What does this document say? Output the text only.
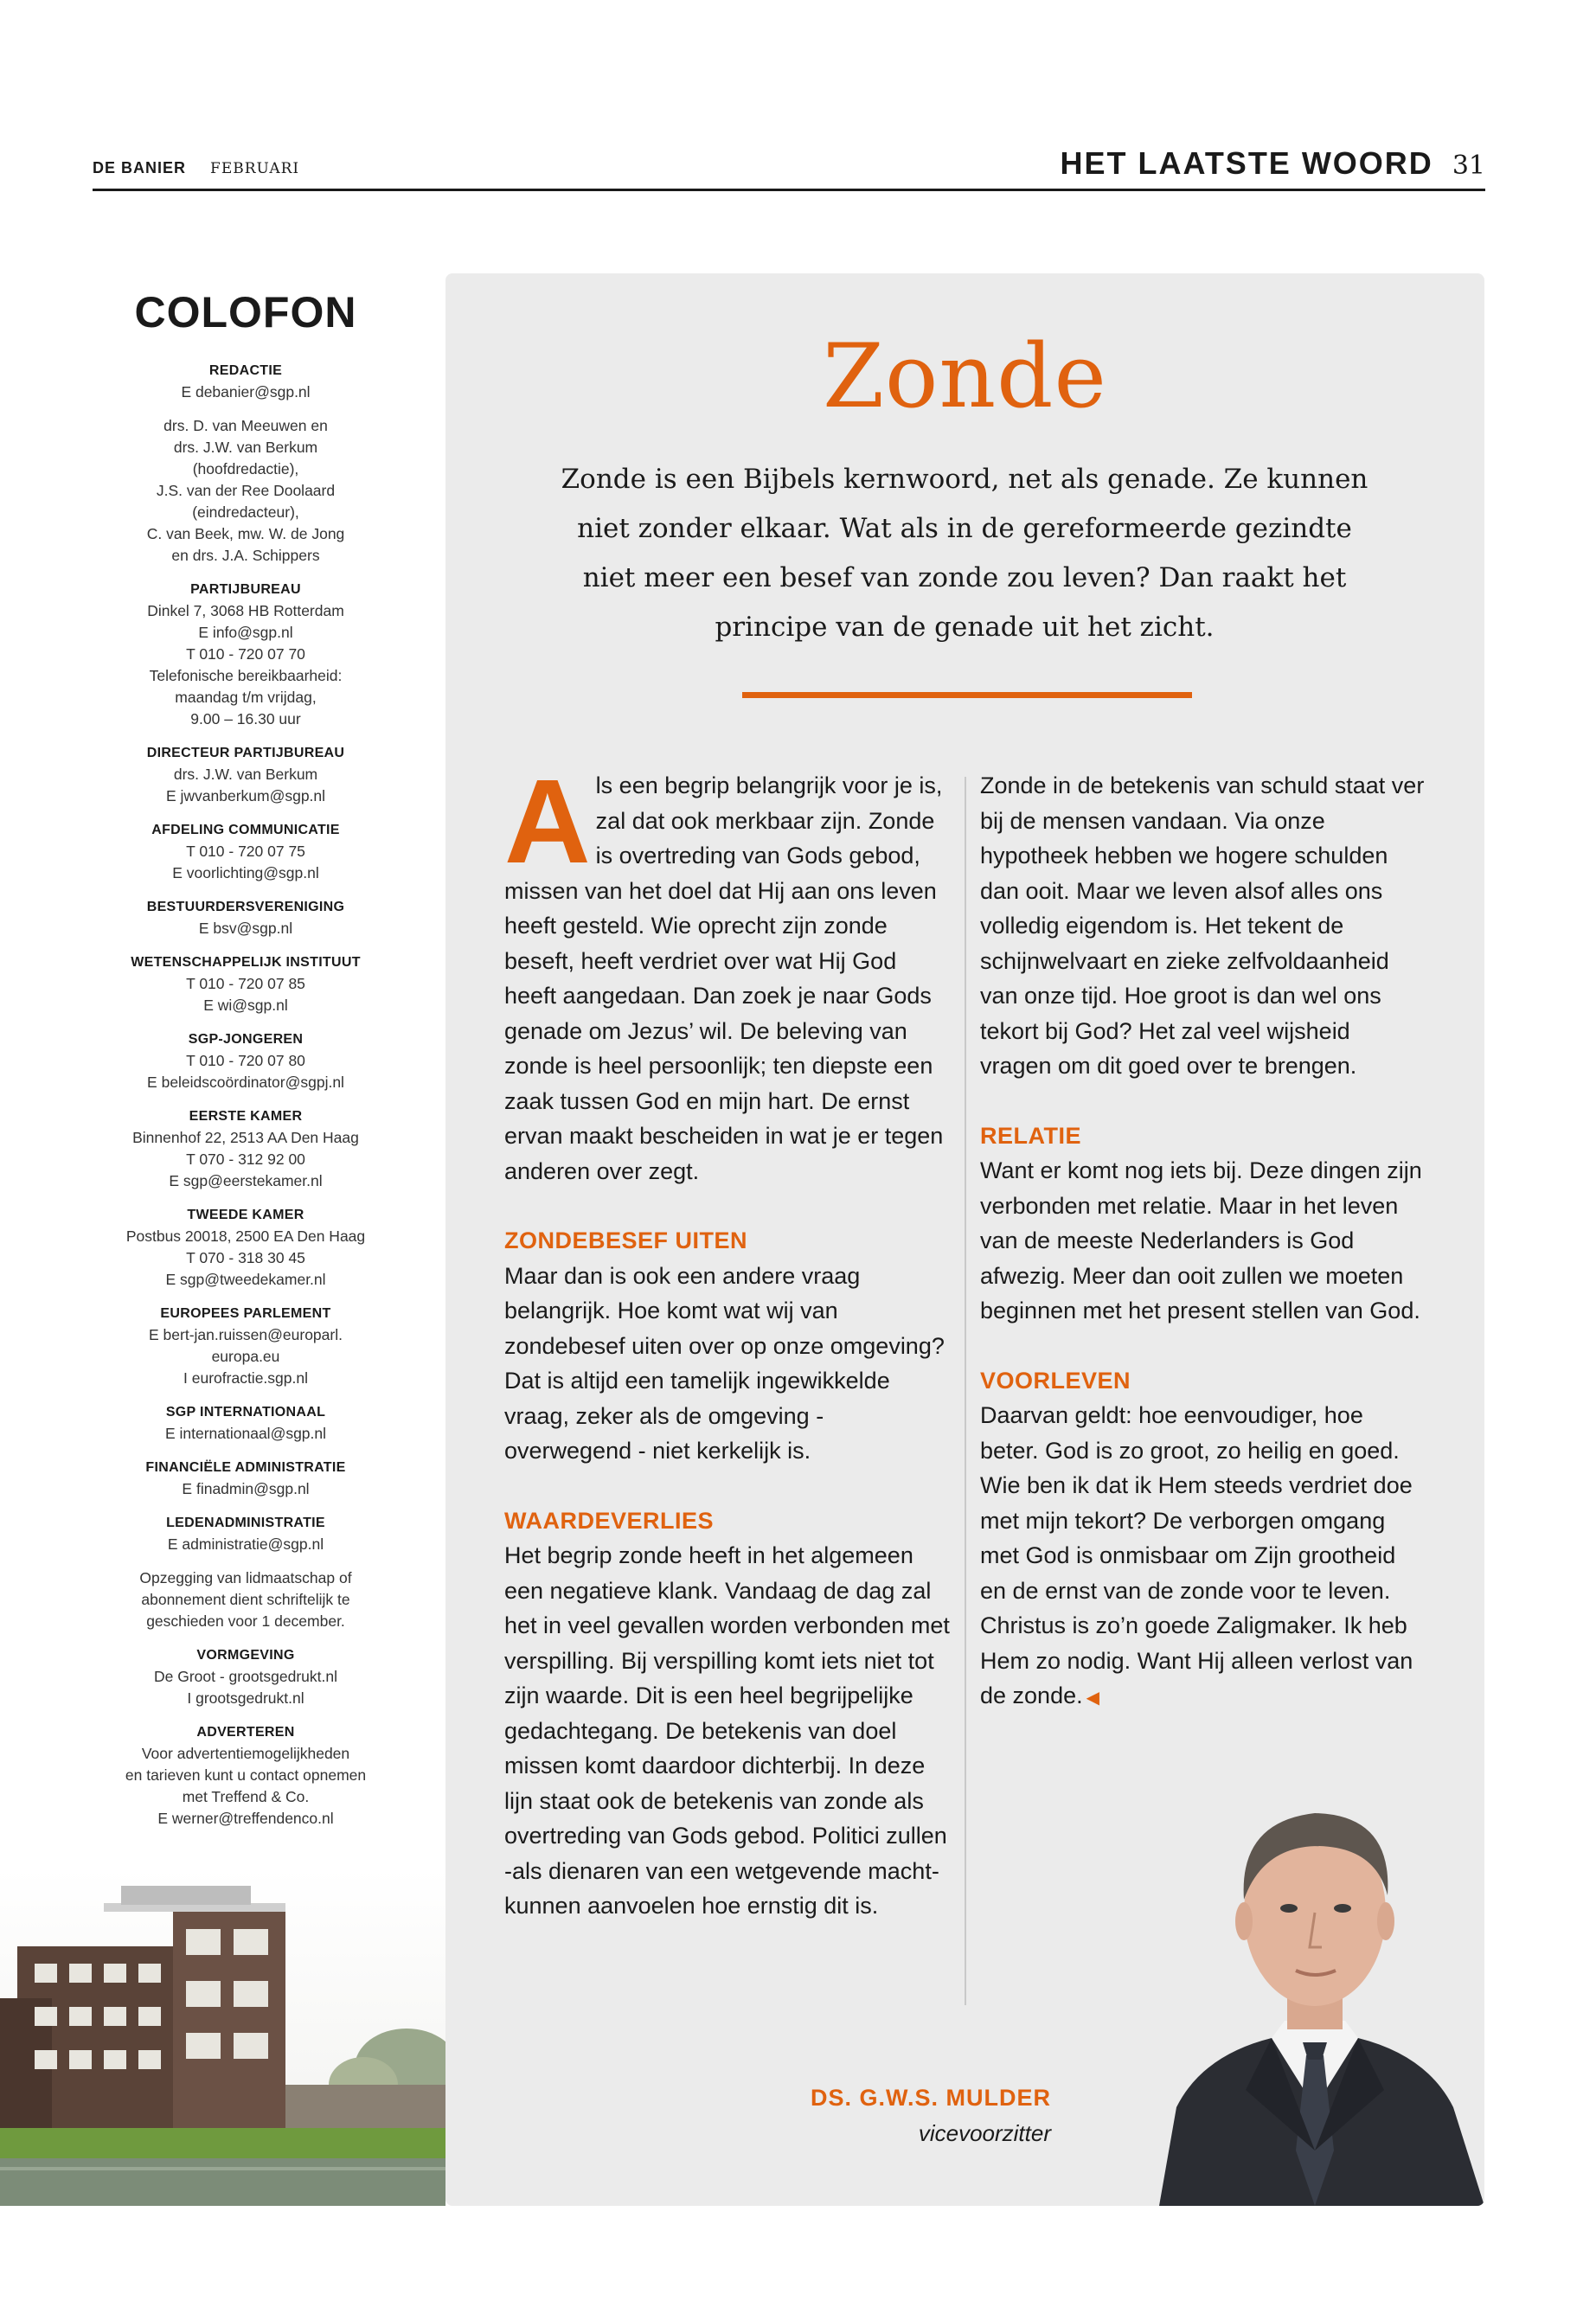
DE BANIER FEBRUARI	HET LAATSTE WOORD 31
COLOFON
REDACTIE
E debanier@sgp.nl
drs. D. van Meeuwen en
drs. J.W. van Berkum
(hoofdredactie),
J.S. van der Ree Doolaard
(eindredacteur),
C. van Beek, mw. W. de Jong
en drs. J.A. Schippers
PARTIJBUREAU
Dinkel 7, 3068 HB Rotterdam
E info@sgp.nl
T 010 - 720 07 70
Telefonische bereikbaarheid:
maandag t/m vrijdag,
9.00 – 16.30 uur
DIRECTEUR PARTIJBUREAU
drs. J.W. van Berkum
E jwvanberkum@sgp.nl
AFDELING COMMUNICATIE
T 010 - 720 07 75
E voorlichting@sgp.nl
BESTUURDERSVERENIGING
E bsv@sgp.nl
WETENSCHAPPELIJK INSTITUUT
T 010 - 720 07 85
E wi@sgp.nl
SGP-JONGEREN
T 010 - 720 07 80
E beleidscoördinator@sgpj.nl
EERSTE KAMER
Binnenhof 22, 2513 AA Den Haag
T 070 - 312 92 00
E sgp@eerstekamer.nl
TWEEDE KAMER
Postbus 20018, 2500 EA Den Haag
T 070 - 318 30 45
E sgp@tweedekamer.nl
EUROPEES PARLEMENT
E bert-jan.ruissen@europarl.
europa.eu
I eurofractie.sgp.nl
SGP INTERNATIONAAL
E internationaal@sgp.nl
FINANCIËLE ADMINISTRATIE
E finadmin@sgp.nl
LEDENADMINISTRATIE
E administratie@sgp.nl
Opzegging van lidmaatschap of
abonnement dient schriftelijk te
geschieden voor 1 december.
VORMGEVING
De Groot - grootsgedrukt.nl
I grootsgedrukt.nl
ADVERTEREN
Voor advertentiemogelijkheden
en tarieven kunt u contact opnemen
met Treffend & Co.
E werner@treffendenco.nl
Zonde
Zonde is een Bijbels kernwoord, net als genade. Ze kunnen niet zonder elkaar. Wat als in de gereformeerde gezindte niet meer een besef van zonde zou leven? Dan raakt het principe van de genade uit het zicht.

Als een begrip belangrijk voor je is, zal dat ook merkbaar zijn. Zonde is overtreding van Gods gebod, missen van het doel dat Hij aan ons leven heeft gesteld. Wie oprecht zijn zonde beseft, heeft verdriet over wat Hij God heeft aangedaan. Dan zoek je naar Gods genade om Jezus’ wil. De beleving van zonde is heel persoonlijk; ten diepste een zaak tussen God en mijn hart. De ernst ervan maakt bescheiden in wat je er tegen anderen over zegt.

ZONDEBESEF UITEN

Maar dan is ook een andere vraag belangrijk. Hoe komt wat wij van zondebesef uiten over op onze omgeving? Dat is altijd een tamelijk ingewikkelde vraag, zeker als de omgeving -overwegend - niet kerkelijk is.

WAARDEVERLIES

Het begrip zonde heeft in het algemeen een negatieve klank. Vandaag de dag zal het in veel gevallen worden verbonden met verspilling. Bij verspilling komt iets niet tot zijn waarde. Dit is een heel begrijpelijke gedachtegang. De betekenis van doel missen komt daardoor dichterbij. In deze lijn staat ook de betekenis van zonde als overtreding van Gods gebod. Politici zullen -als dienaren van een wetgevende macht- kunnen aanvoelen hoe ernstig dit is.

Zonde in de betekenis van schuld staat ver bij de mensen vandaan. Via onze hypotheek hebben we hogere schulden dan ooit. Maar we leven alsof alles ons volledig eigendom is. Het tekent de schijnwelvaart en zieke zelfvoldaanheid van onze tijd. Hoe groot is dan wel ons tekort bij God? Het zal veel wijsheid vragen om dit goed over te brengen.

RELATIE

Want er komt nog iets bij. Deze dingen zijn verbonden met relatie. Maar in het leven van de meeste Nederlanders is God afwezig. Meer dan ooit zullen we moeten beginnen met het present stellen van God.

VOORLEVEN

Daarvan geldt: hoe eenvoudiger, hoe beter. God is zo groot, zo heilig en goed. Wie ben ik dat ik Hem steeds verdriet doe met mijn tekort? De verborgen omgang met God is onmisbaar om Zijn grootheid en de ernst van de zonde voor te leven. Christus is zo’n goede Zaligmaker. Ik heb Hem zo nodig. Want Hij alleen verlost van de zonde. ◀

DS. G.W.S. MULDER
vicevoorzitter
